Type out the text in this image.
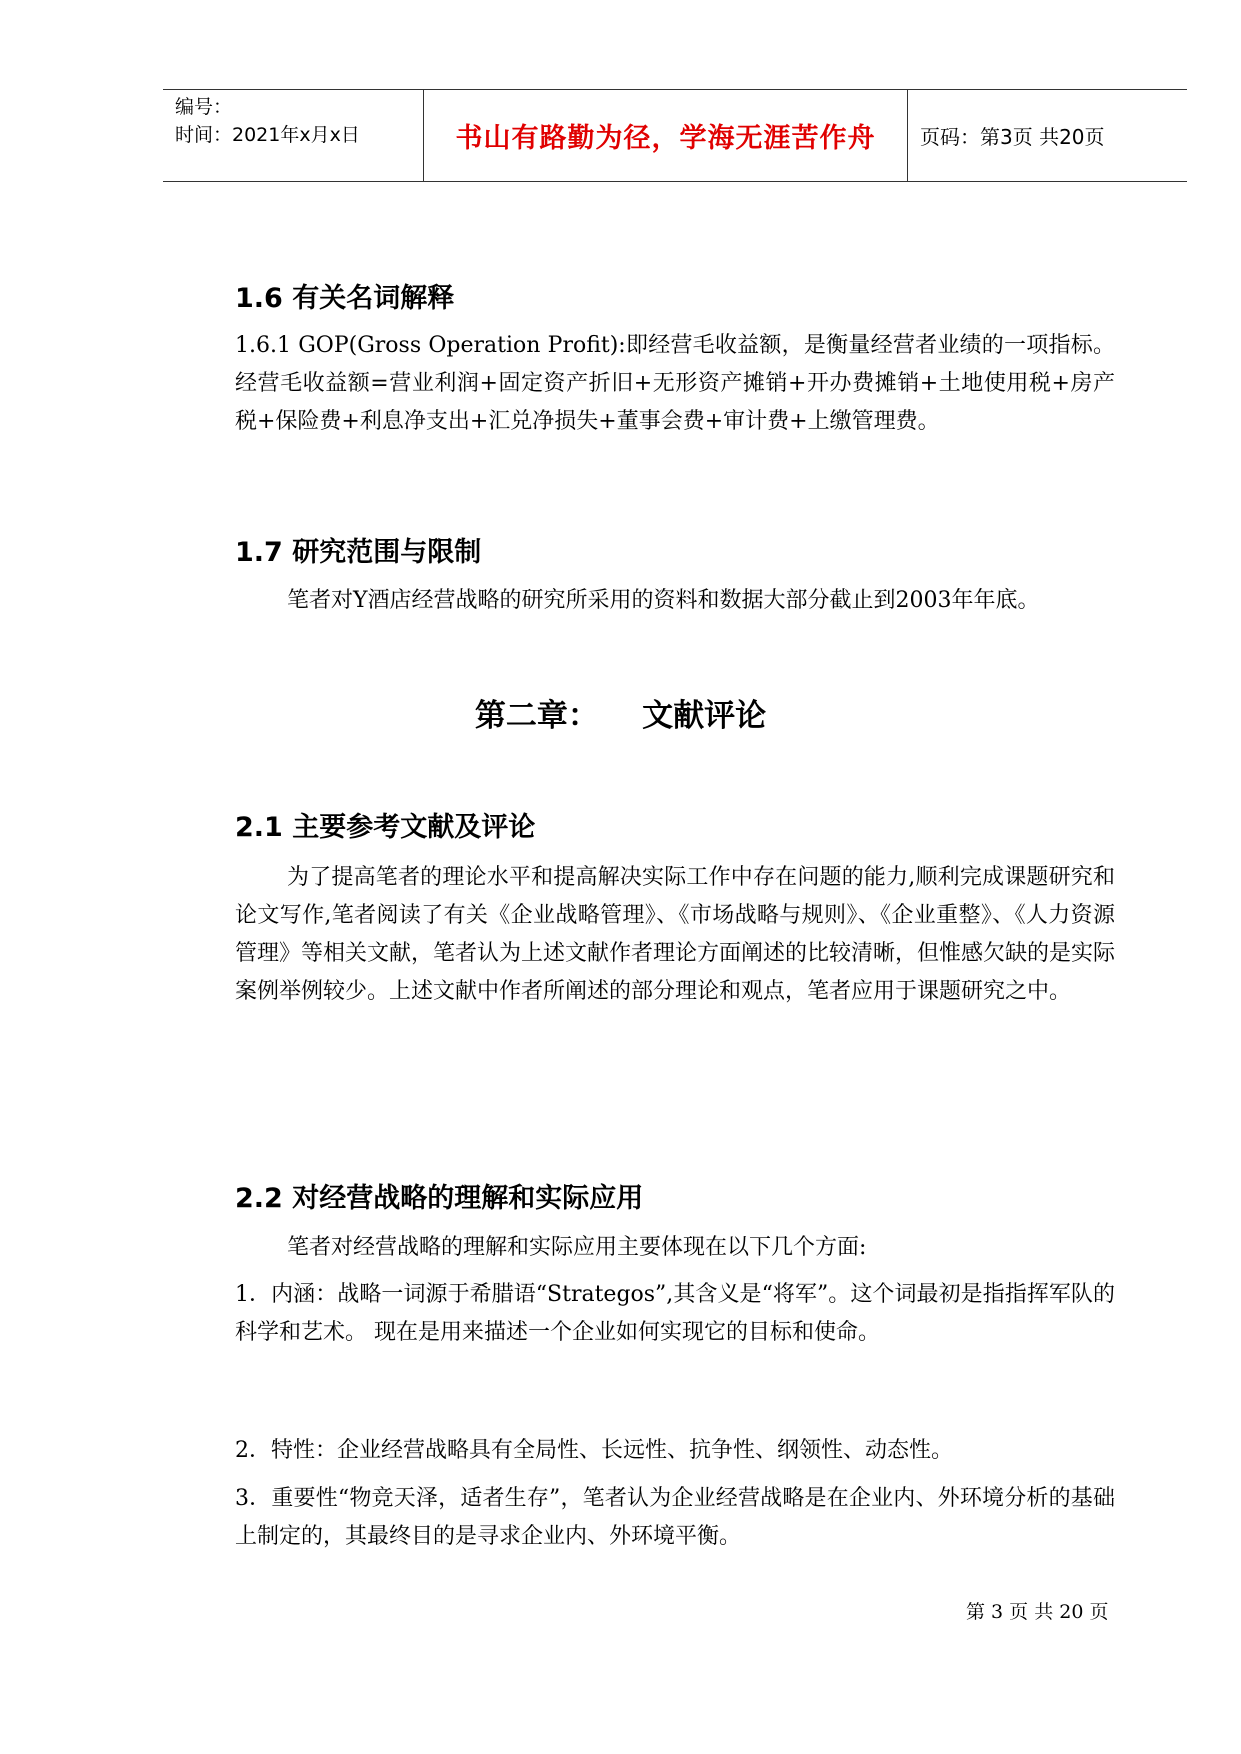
编号：
时间：2021年x月x日	书山有路勤为径，学海无涯苦作舟 页码：第3页 共20页
1.6 有关名词解释
1.6.1 GOP(Gross Operation Profit):即经营毛收益额，是衡量经营者业绩的一项指标。经营毛收益额=营业利润+固定资产折旧+无形资产摊销+开办费摊销+土地使用税+房产税+保险费+利息净支出+汇兑净损失+董事会费+审计费+上缴管理费。
1.7 研究范围与限制
笔者对Y酒店经营战略的研究所采用的资料和数据大部分截止到2003年年底。
第二章：    文献评论
2.1 主要参考文献及评论
为了提高笔者的理论水平和提高解决实际工作中存在问题的能力,顺利完成课题研究和论文写作,笔者阅读了有关《企业战略管理》、《市场战略与规则》、《企业重整》、《人力资源管理》等相关文献，笔者认为上述文献作者理论方面阐述的比较清晰，但惟感欠缺的是实际案例举例较少。上述文献中作者所阐述的部分理论和观点，笔者应用于课题研究之中。
2.2 对经营战略的理解和实际应用
笔者对经营战略的理解和实际应用主要体现在以下几个方面:
1．内涵：战略一词源于希腊语“Strategos”,其含义是“将军”。这个词最初是指指挥军队的科学和艺术。 现在是用来描述一个企业如何实现它的目标和使命。
2．特性：企业经营战略具有全局性、长远性、抗争性、纲领性、动态性。
3．重要性“物竞天泽，适者生存”，笔者认为企业经营战略是在企业内、外环境分析的基础上制定的，其最终目的是寻求企业内、外环境平衡。
第 3 页 共 20 页
